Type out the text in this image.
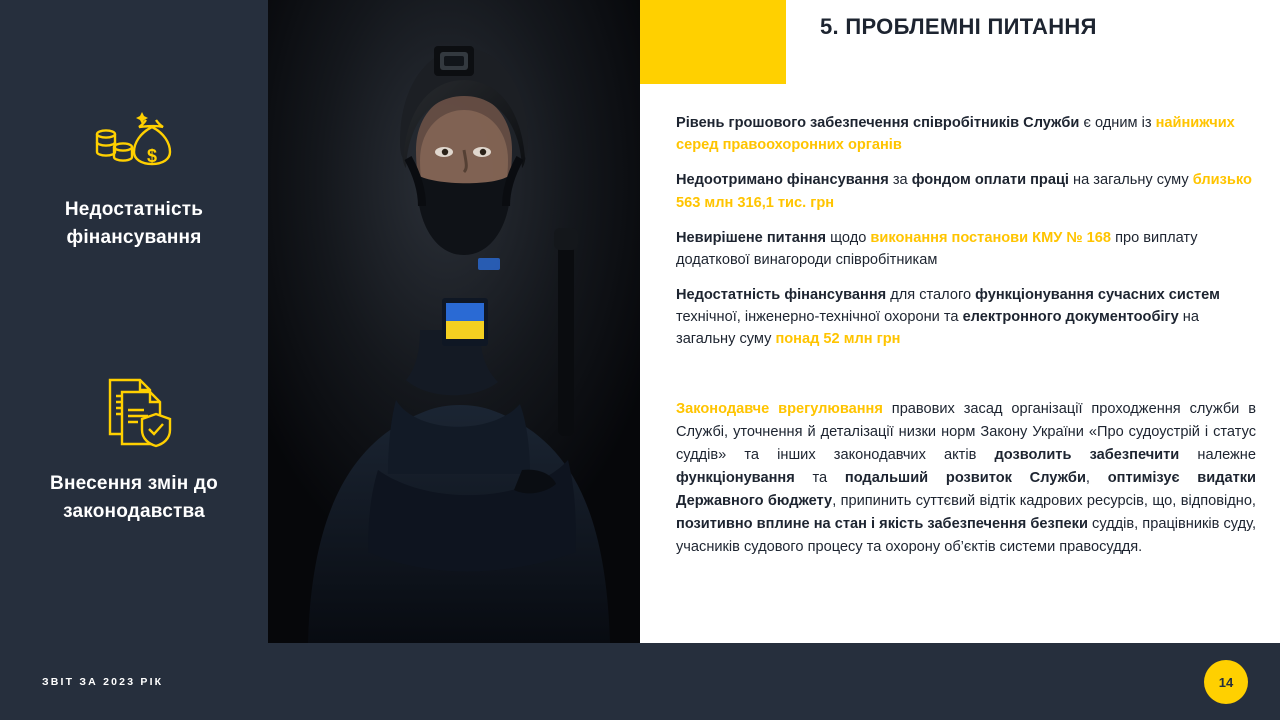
$
Недостатність
фінансування
Внесення змін до
законодавства
5. ПРОБЛЕМНІ ПИТАННЯ
Рівень грошового забезпечення співробітників Служби є одним із найнижчих серед правоохоронних органів
Недоотримано фінансування за фондом оплати праці на загальну суму близько 563 млн 316,1 тис. грн
Невирішене питання щодо виконання постанови КМУ № 168 про виплату додаткової винагороди співробітникам
Недостатність фінансування для сталого функціонування сучасних систем технічної, інженерно-технічної охорони та електронного документообігу на загальну суму понад 52 млн грн
Законодавче врегулювання правових засад організації проходження служби в Службі, уточнення й деталізації низки норм Закону України «Про судоустрій і статус суддів» та інших законодавчих актів дозволить забезпечити належне функціонування та подальший розвиток Служби, оптимізує видатки Державного бюджету, припинить суттєвий відтік кадрових ресурсів, що, відповідно, позитивно вплине на стан і якість забезпечення безпеки суддів, працівників суду, учасників судового процесу та охорону об’єктів системи правосуддя.
ЗВІТ ЗА 2023 РІК	14
